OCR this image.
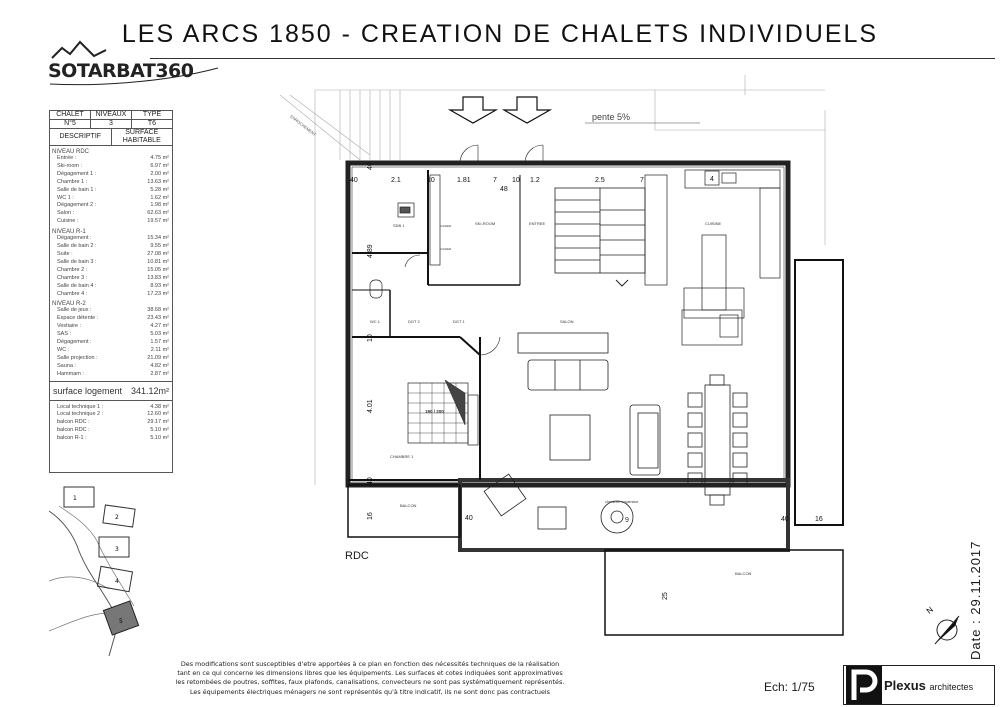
LES ARCS 1850 - CREATION DE CHALETS INDIVIDUELS
SOTARBAT360
CHALET	NIVEAUX	TYPE
N°5	3	T6
DESCRIPTIF
SURFACE HABITABLE
NIVEAU RDC
Entrée :	4.75 m²
Ski-room :	6.97 m²
Dégagement 1 :	2.00 m²
Chambre 1 :	13.63 m²
Salle de bain 1 :	5.28 m²
WC 1 :	1.62 m²
Dégagement 2 :	1.98 m²
Salon :	62.63 m²
Cuisine :	19.57 m²
NIVEAU R-1
Dégagement :	15.34 m²
Salle de bain 2 :	9.55 m²
Suite :	27.08 m²
Salle de bain 3 :	10.81 m²
Chambre 2 :	15.05 m²
Chambre 3 :	13.83 m²
Salle de bain 4 :	8.93 m²
Chambre 4 :	17.23 m²
NIVEAU R-2
Salle de jeux :	38.68 m²
Espace détente :	23.43 m²
Vestiaire :	4.27 m²
SAS :	5.03 m²
Dégagement :	1.57 m²
WC :	2.11 m²
Salle projection :	21.09 m²
Sauna :	4.82 m²
Hammam :	2.87 m²
surface logement 341.12m²
Local technique 1 :	4.38 m²
Local technique 2 :	12.60 m²
balcon RDC :	29.17 m²
balcon RDC :	5.10 m²
balcon R-1 :	5.10 m²
1
2
3
4
5
pente 5%
ENROCHEMENT
SDB 1	SKI-ROOM	ENTREE	CUISINE
WC 1	DGT 2	DGT 1	SALON
CHAMBRE 1
180 / 200
BALCON
BALCON
cheminée suspendue
9
CASIER
CASIER
40	2.1	10	1.81	7 10 1.2	2.5	7
48
4
4.89
10
4.01
40
16	40	40	16
25
40
RDC
N
Des modifications sont susceptibles d'etre apportées à ce plan en fonction des nécessités techniques de la réalisation
tant en ce qui concerne les dimensions libres que les équipements. Les surfaces et cotes indiquées sont approximatives
les retombées de poutres, soffites, faux plafonds, canalisations, convecteurs ne sont pas systématiquement représentés.
Les équipements électriques ménagers ne sont représentés qu'à titre indicatif, ils ne sont donc pas contractuels	Ech: 1/75
Date : 29.11.2017
Plexus architectes
